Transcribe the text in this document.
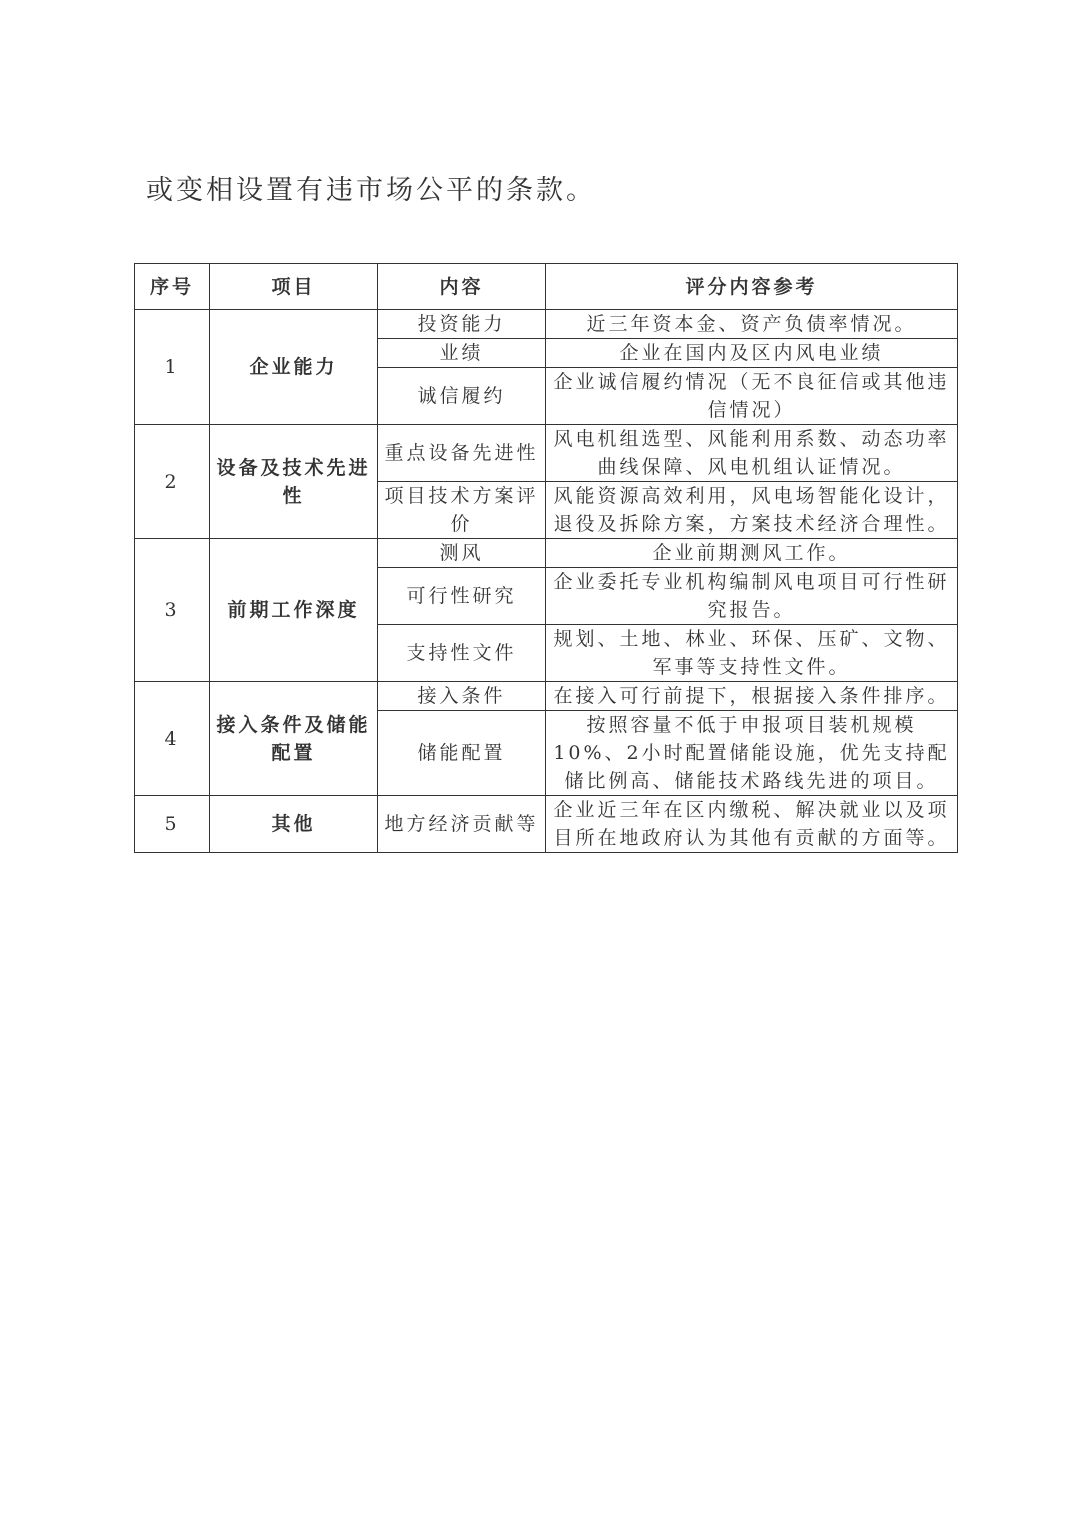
或变相设置有违市场公平的条款。
序号	项目	内容	评分内容参考
1	企业能力	投资能力	近三年资本金、资产负债率情况。
		业绩	企业在国内及区内风电业绩
		诚信履约	企业诚信履约情况（无不良征信或其他违信情况）
2	设备及技术先进性	重点设备先进性	风电机组选型、风能利用系数、动态功率曲线保障、风电机组认证情况。
		项目技术方案评价	风能资源高效利用，风电场智能化设计，退役及拆除方案，方案技术经济合理性。
3	前期工作深度	测风	企业前期测风工作。
		可行性研究	企业委托专业机构编制风电项目可行性研究报告。
		支持性文件	规划、土地、林业、环保、压矿、文物、军事等支持性文件。
4	接入条件及储能配置	接入条件	在接入可行前提下，根据接入条件排序。
		储能配置	按照容量不低于申报项目装机规模10%、2小时配置储能设施，优先支持配储比例高、储能技术路线先进的项目。
5	其他	地方经济贡献等	企业近三年在区内缴税、解决就业以及项目所在地政府认为其他有贡献的方面等。
